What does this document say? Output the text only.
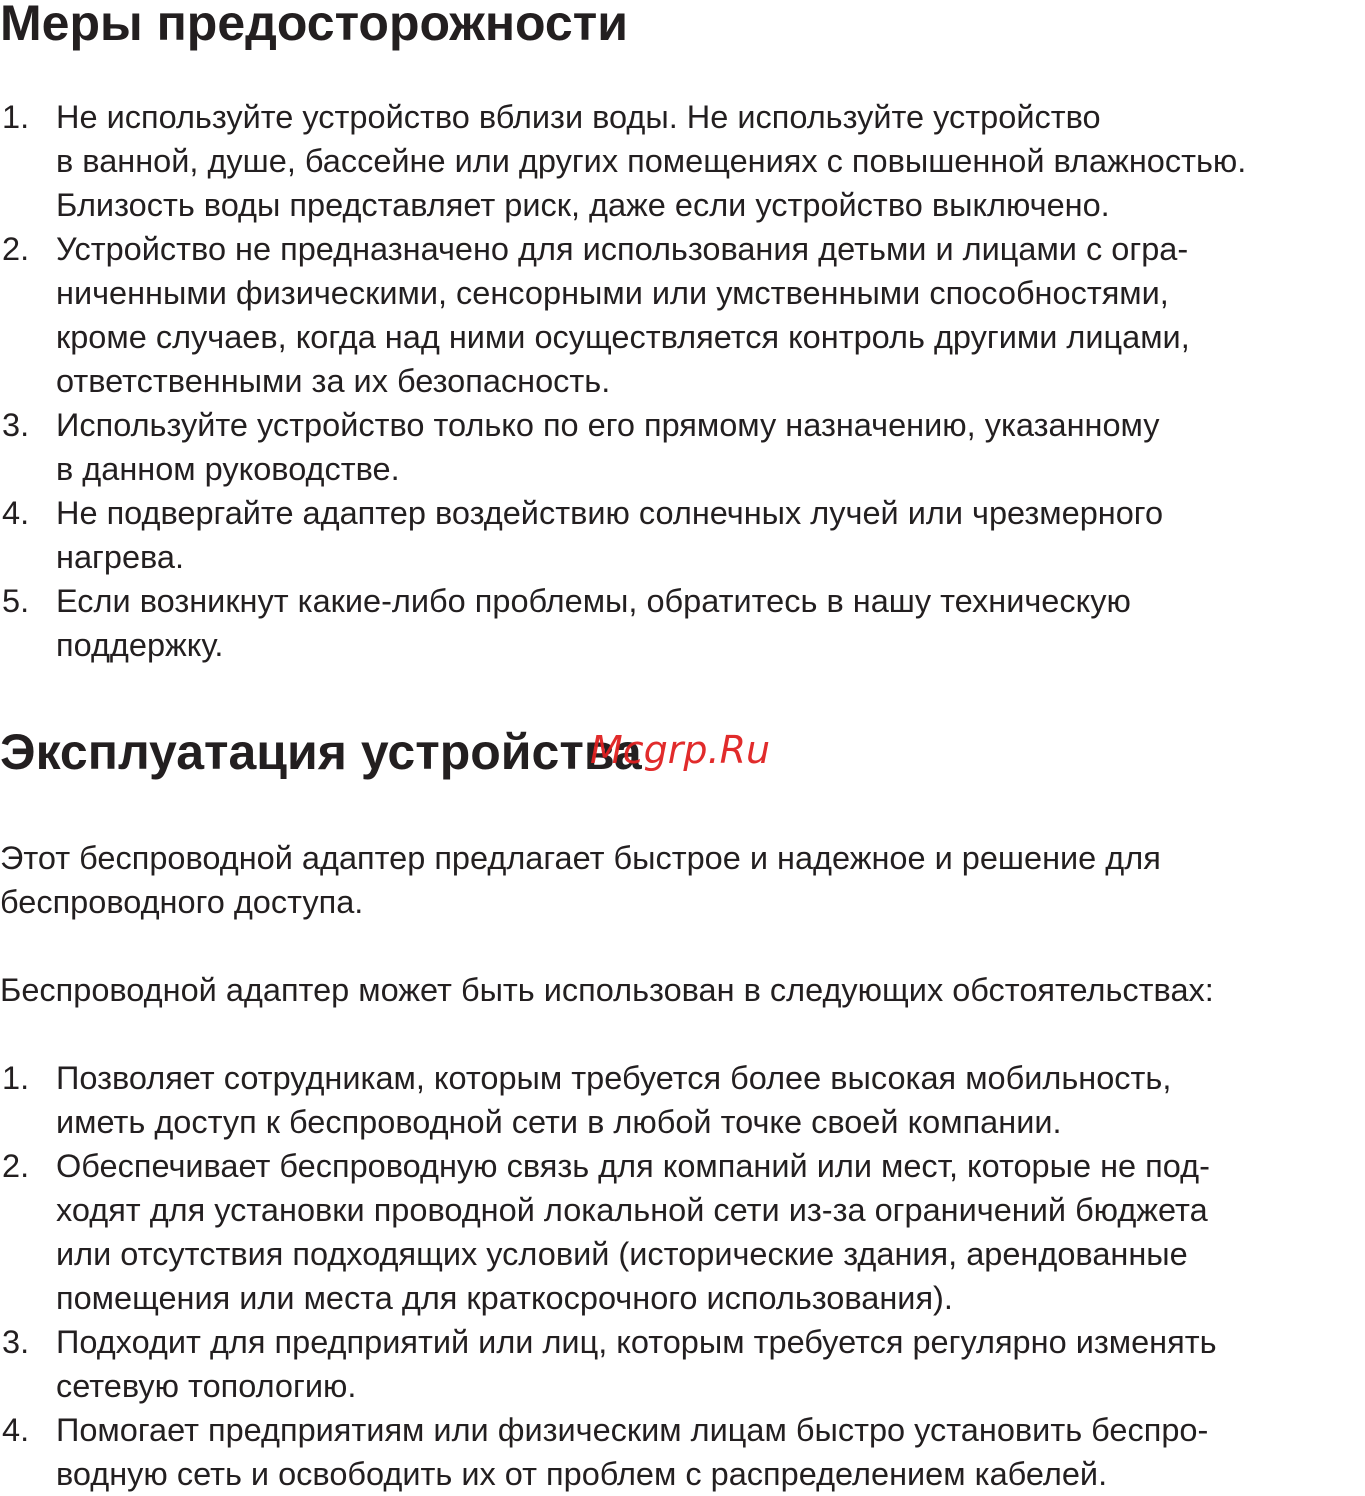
Меры предосторожности
1. Не используйте устройство вблизи воды. Не используйте устройство
в ванной, душе, бассейне или других помещениях с повышенной влажностью.
Близость воды представляет риск, даже если устройство выключено.
2. Устройство не предназначено для использования детьми и лицами с огра-
ниченными физическими, сенсорными или умственными способностями,
кроме случаев, когда над ними осуществляется контроль другими лицами,
ответственными за их безопасность.
3. Используйте устройство только по его прямому назначению, указанному
в данном руководстве.
4. Не подвергайте адаптер воздействию солнечных лучей или чрезмерного
нагрева.
5. Если возникнут какие-либо проблемы, обратитесь в нашу техническую
поддержку.
Эксплуатация устройства
Mcgrp.Ru

Этот беспроводной адаптер предлагает быстрое и надежное и решение для
беспроводного доступа.

Беспроводной адаптер может быть использован в следующих обстоятельствах:

1. Позволяет сотрудникам, которым требуется более высокая мобильность,
иметь доступ к беспроводной сети в любой точке своей компании.
2. Обеспечивает беспроводную связь для компаний или мест, которые не под-
ходят для установки проводной локальной сети из-за ограничений бюджета
или отсутствия подходящих условий (исторические здания, арендованные
помещения или места для краткосрочного использования).
3. Подходит для предприятий или лиц, которым требуется регулярно изменять
сетевую топологию.
4. Помогает предприятиям или физическим лицам быстро установить беспро-
водную сеть и освободить их от проблем с распределением кабелей.
